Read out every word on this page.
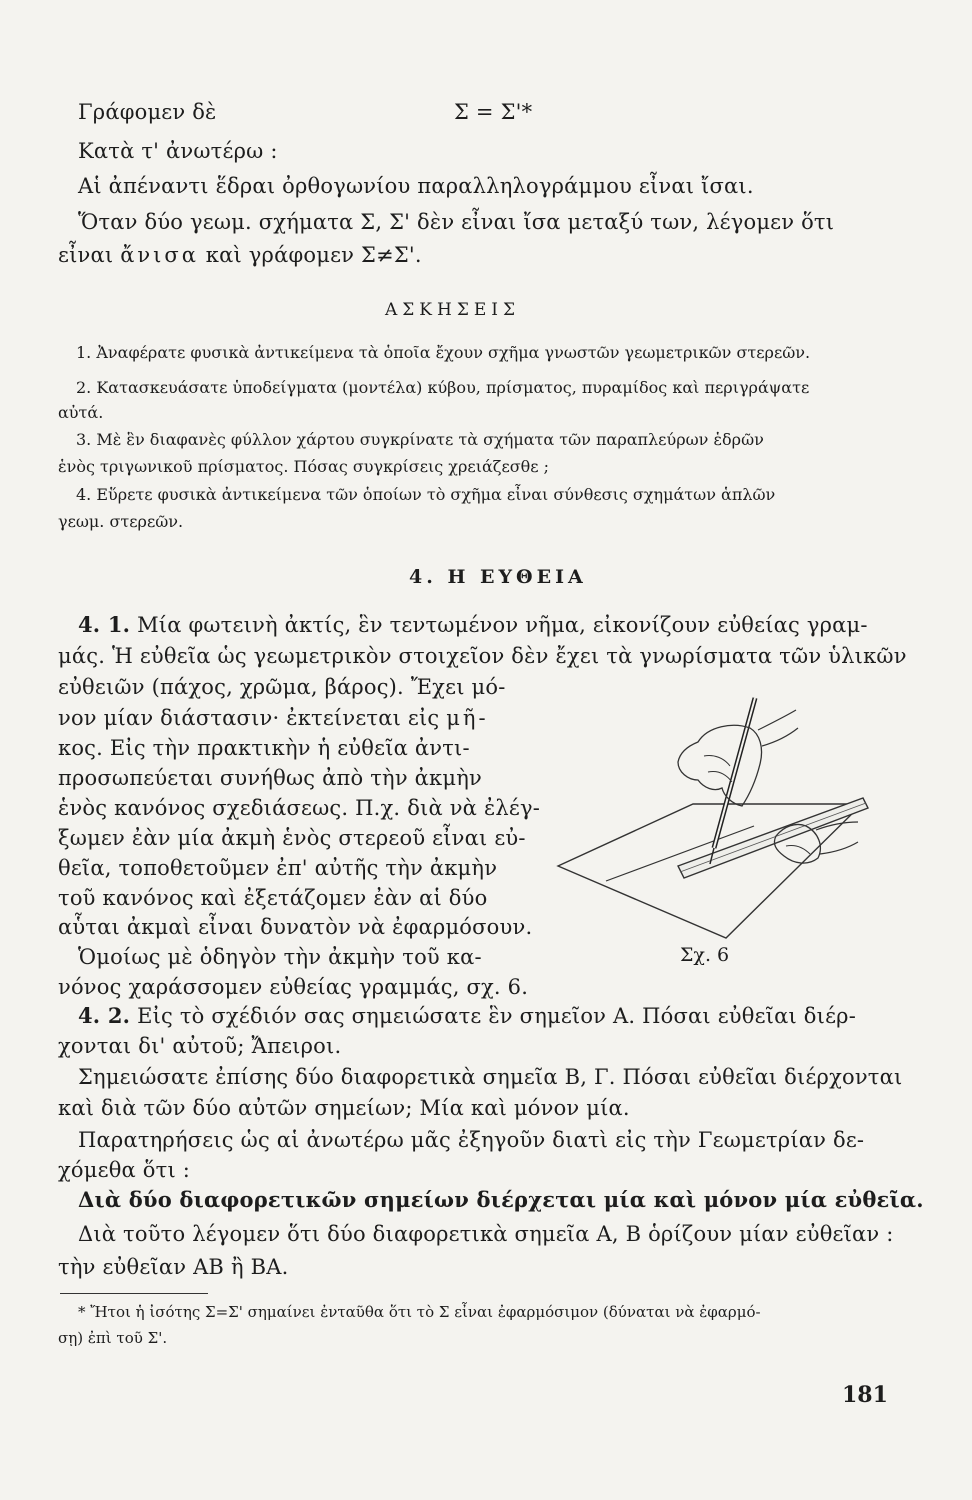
Γράφομεν δὲ	Σ = Σ'*
Κατὰ τ' ἀνωτέρω :
Αἱ ἀπέναντι ἕδραι ὀρθογωνίου παραλληλογράμμου εἶναι ἴσαι.
Ὅταν δύο γεωμ. σχήματα Σ, Σ' δὲν εἶναι ἴσα μεταξύ των, λέγομεν ὅτι
εἶναι ἄνισα καὶ γράφομεν Σ≠Σ'.
ΑΣΚΗΣΕΙΣ
1. Ἀναφέρατε φυσικὰ ἀντικείμενα τὰ ὁποῖα ἔχουν σχῆμα γνωστῶν γεωμετρικῶν στερεῶν.
2. Κατασκευάσατε ὑποδείγματα (μοντέλα) κύβου, πρίσματος, πυραμίδος καὶ περιγράψατε
αὐτά.
3. Μὲ ἓν διαφανὲς φύλλον χάρτου συγκρίνατε τὰ σχήματα τῶν παραπλεύρων ἑδρῶν
ἑνὸς τριγωνικοῦ πρίσματος. Πόσας συγκρίσεις χρειάζεσθε ;
4. Εὕρετε φυσικὰ ἀντικείμενα τῶν ὁποίων τὸ σχῆμα εἶναι σύνθεσις σχημάτων ἁπλῶν
γεωμ. στερεῶν.
4. Η ΕΥΘΕΙΑ
4. 1. Μία φωτεινὴ ἀκτίς, ἓν τεντωμένον νῆμα, εἰκονίζουν εὐθείας γραμ-
μάς. Ἡ εὐθεῖα ὡς γεωμετρικὸν στοιχεῖον δὲν ἔχει τὰ γνωρίσματα τῶν ὑλικῶν
εὐθειῶν (πάχος, χρῶμα, βάρος). Ἔχει μό-
νον μίαν διάστασιν· ἐκτείνεται εἰς μῆ-
κος. Εἰς τὴν πρακτικὴν ἡ εὐθεῖα ἀντι-
προσωπεύεται συνήθως ἀπὸ τὴν ἀκμὴν
ἑνὸς κανόνος σχεδιάσεως. Π.χ. διὰ νὰ ἐλέγ-
ξωμεν ἐὰν μία ἀκμὴ ἑνὸς στερεοῦ εἶναι εὐ-
θεῖα, τοποθετοῦμεν ἐπ' αὐτῆς τὴν ἀκμὴν
τοῦ κανόνος καὶ ἐξετάζομεν ἐὰν αἱ δύο
αὗται ἀκμαὶ εἶναι δυνατὸν νὰ ἐφαρμόσουν.
Ὁμοίως μὲ ὁδηγὸν τὴν ἀκμὴν τοῦ κα-
νόνος χαράσσομεν εὐθείας γραμμάς, σχ. 6.
Σχ. 6
4. 2. Εἰς τὸ σχέδιόν σας σημειώσατε ἓν σημεῖον Α. Πόσαι εὐθεῖαι διέρ-
χονται δι' αὐτοῦ; Ἄπειροι.
Σημειώσατε ἐπίσης δύο διαφορετικὰ σημεῖα Β, Γ. Πόσαι εὐθεῖαι διέρχονται
καὶ διὰ τῶν δύο αὐτῶν σημείων; Μία καὶ μόνον μία.
Παρατηρήσεις ὡς αἱ ἀνωτέρω μᾶς ἐξηγοῦν διατὶ εἰς τὴν Γεωμετρίαν δε-
χόμεθα ὅτι :
Διὰ δύο διαφορετικῶν σημείων διέρχεται μία καὶ μόνον μία εὐθεῖα.
Διὰ τοῦτο λέγομεν ὅτι δύο διαφορετικὰ σημεῖα Α, Β ὁρίζουν μίαν εὐθεῖαν :
τὴν εὐθεῖαν ΑΒ ἢ ΒΑ.
* Ἤτοι ἡ ἰσότης Σ=Σ' σημαίνει ἐνταῦθα ὅτι τὸ Σ εἶναι ἐφαρμόσιμον (δύναται νὰ ἐφαρμό-
σῃ) ἐπὶ τοῦ Σ'.
181
